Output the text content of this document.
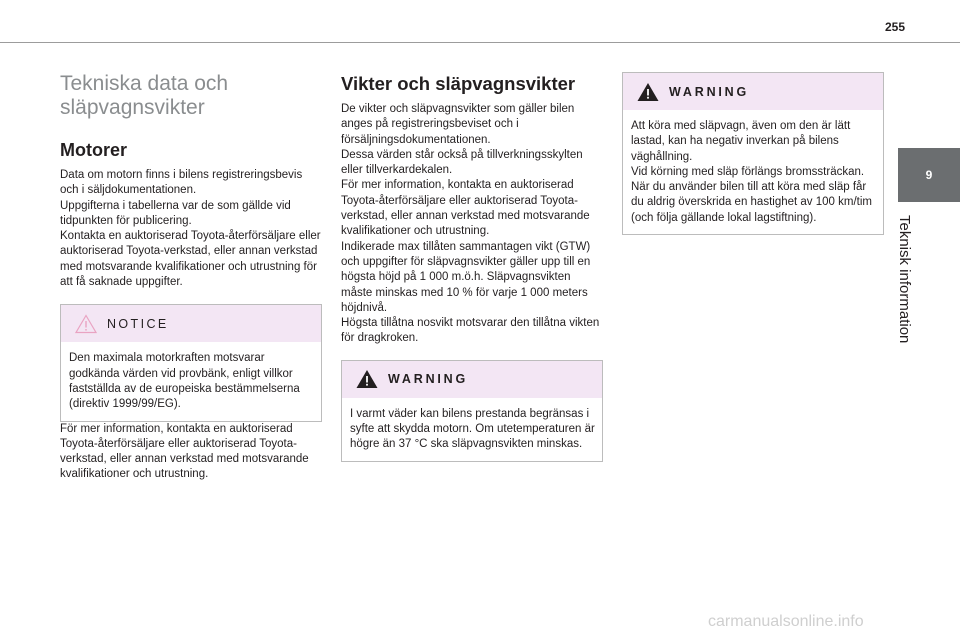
255
9
Teknisk information
Tekniska data och släpvagnsvikter
Motorer

Data om motorn finns i bilens registreringsbevis och i säljdokumentationen.
Uppgifterna i tabellerna var de som gällde vid tidpunkten för publicering.
Kontakta en auktoriserad Toyota-återförsäljare eller auktoriserad Toyota-verkstad, eller annan verkstad med motsvarande kvalifikationer och utrustning för att få saknade uppgifter.

NOTICE

Den maximala motorkraften motsvarar godkända värden vid provbänk, enligt villkor fastställda av de europeiska bestämmelserna (direktiv 1999/99/EG).

För mer information, kontakta en auktoriserad Toyota-återförsäljare eller auktoriserad Toyota-verkstad, eller annan verkstad med motsvarande kvalifikationer och utrustning.

Vikter och släpvagnsvikter

De vikter och släpvagnsvikter som gäller bilen anges på registreringsbeviset och i försäljningsdokumentationen.
Dessa värden står också på tillverkningsskylten eller tillverkardekalen.
För mer information, kontakta en auktoriserad Toyota-återförsäljare eller auktoriserad Toyota-verkstad, eller annan verkstad med motsvarande kvalifikationer och utrustning.
Indikerade max tillåten sammantagen vikt (GTW) och uppgifter för släpvagnsvikter gäller upp till en högsta höjd på 1 000 m.ö.h. Släpvagnsvikten måste minskas med 10 % för varje 1 000 meters höjdnivå.
Högsta tillåtna nosvikt motsvarar den tillåtna vikten för dragkroken.

WARNING

I varmt väder kan bilens prestanda begränsas i syfte att skydda motorn. Om utetemperaturen är högre än 37 °C ska släpvagnsvikten minskas.

WARNING

Att köra med släpvagn, även om den är lätt lastad, kan ha negativ inverkan på bilens väghållning.
Vid körning med släp förlängs bromssträckan.
När du använder bilen till att köra med släp får du aldrig överskrida en hastighet av 100 km/tim (och följa gällande lokal lagstiftning).

carmanualsonline.info
